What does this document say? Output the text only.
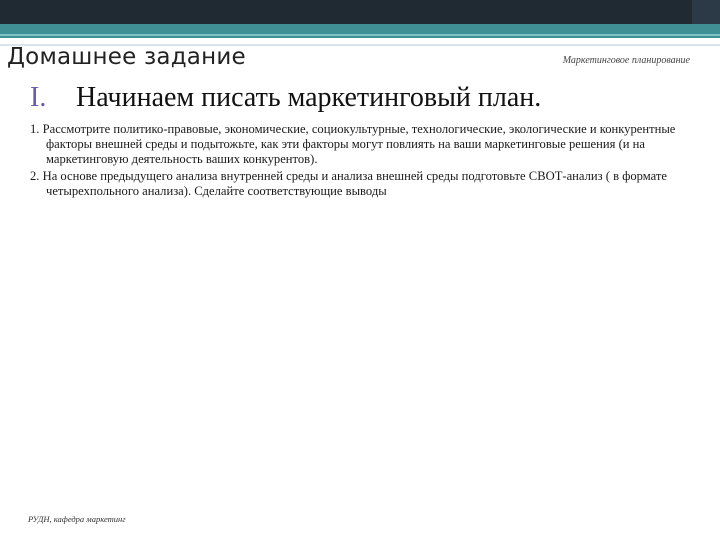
Домашнее задание	Маркетинговое планирование
I.	Начинаем писать маркетинговый план.
1. Рассмотрите политико-правовые, экономические, социокультурные, технологические, экологические и конкурентные факторы внешней среды и подытожьте, как эти факторы могут повлиять на ваши маркетинговые решения (и на маркетинговую деятельность ваших конкурентов).
2. На основе предыдущего анализа внутренней среды и анализа внешней среды подготовьте СВОТ-анализ ( в формате четырехпольного анализа). Сделайте соответствующие выводы
РУДН, кафедра маркетинг
